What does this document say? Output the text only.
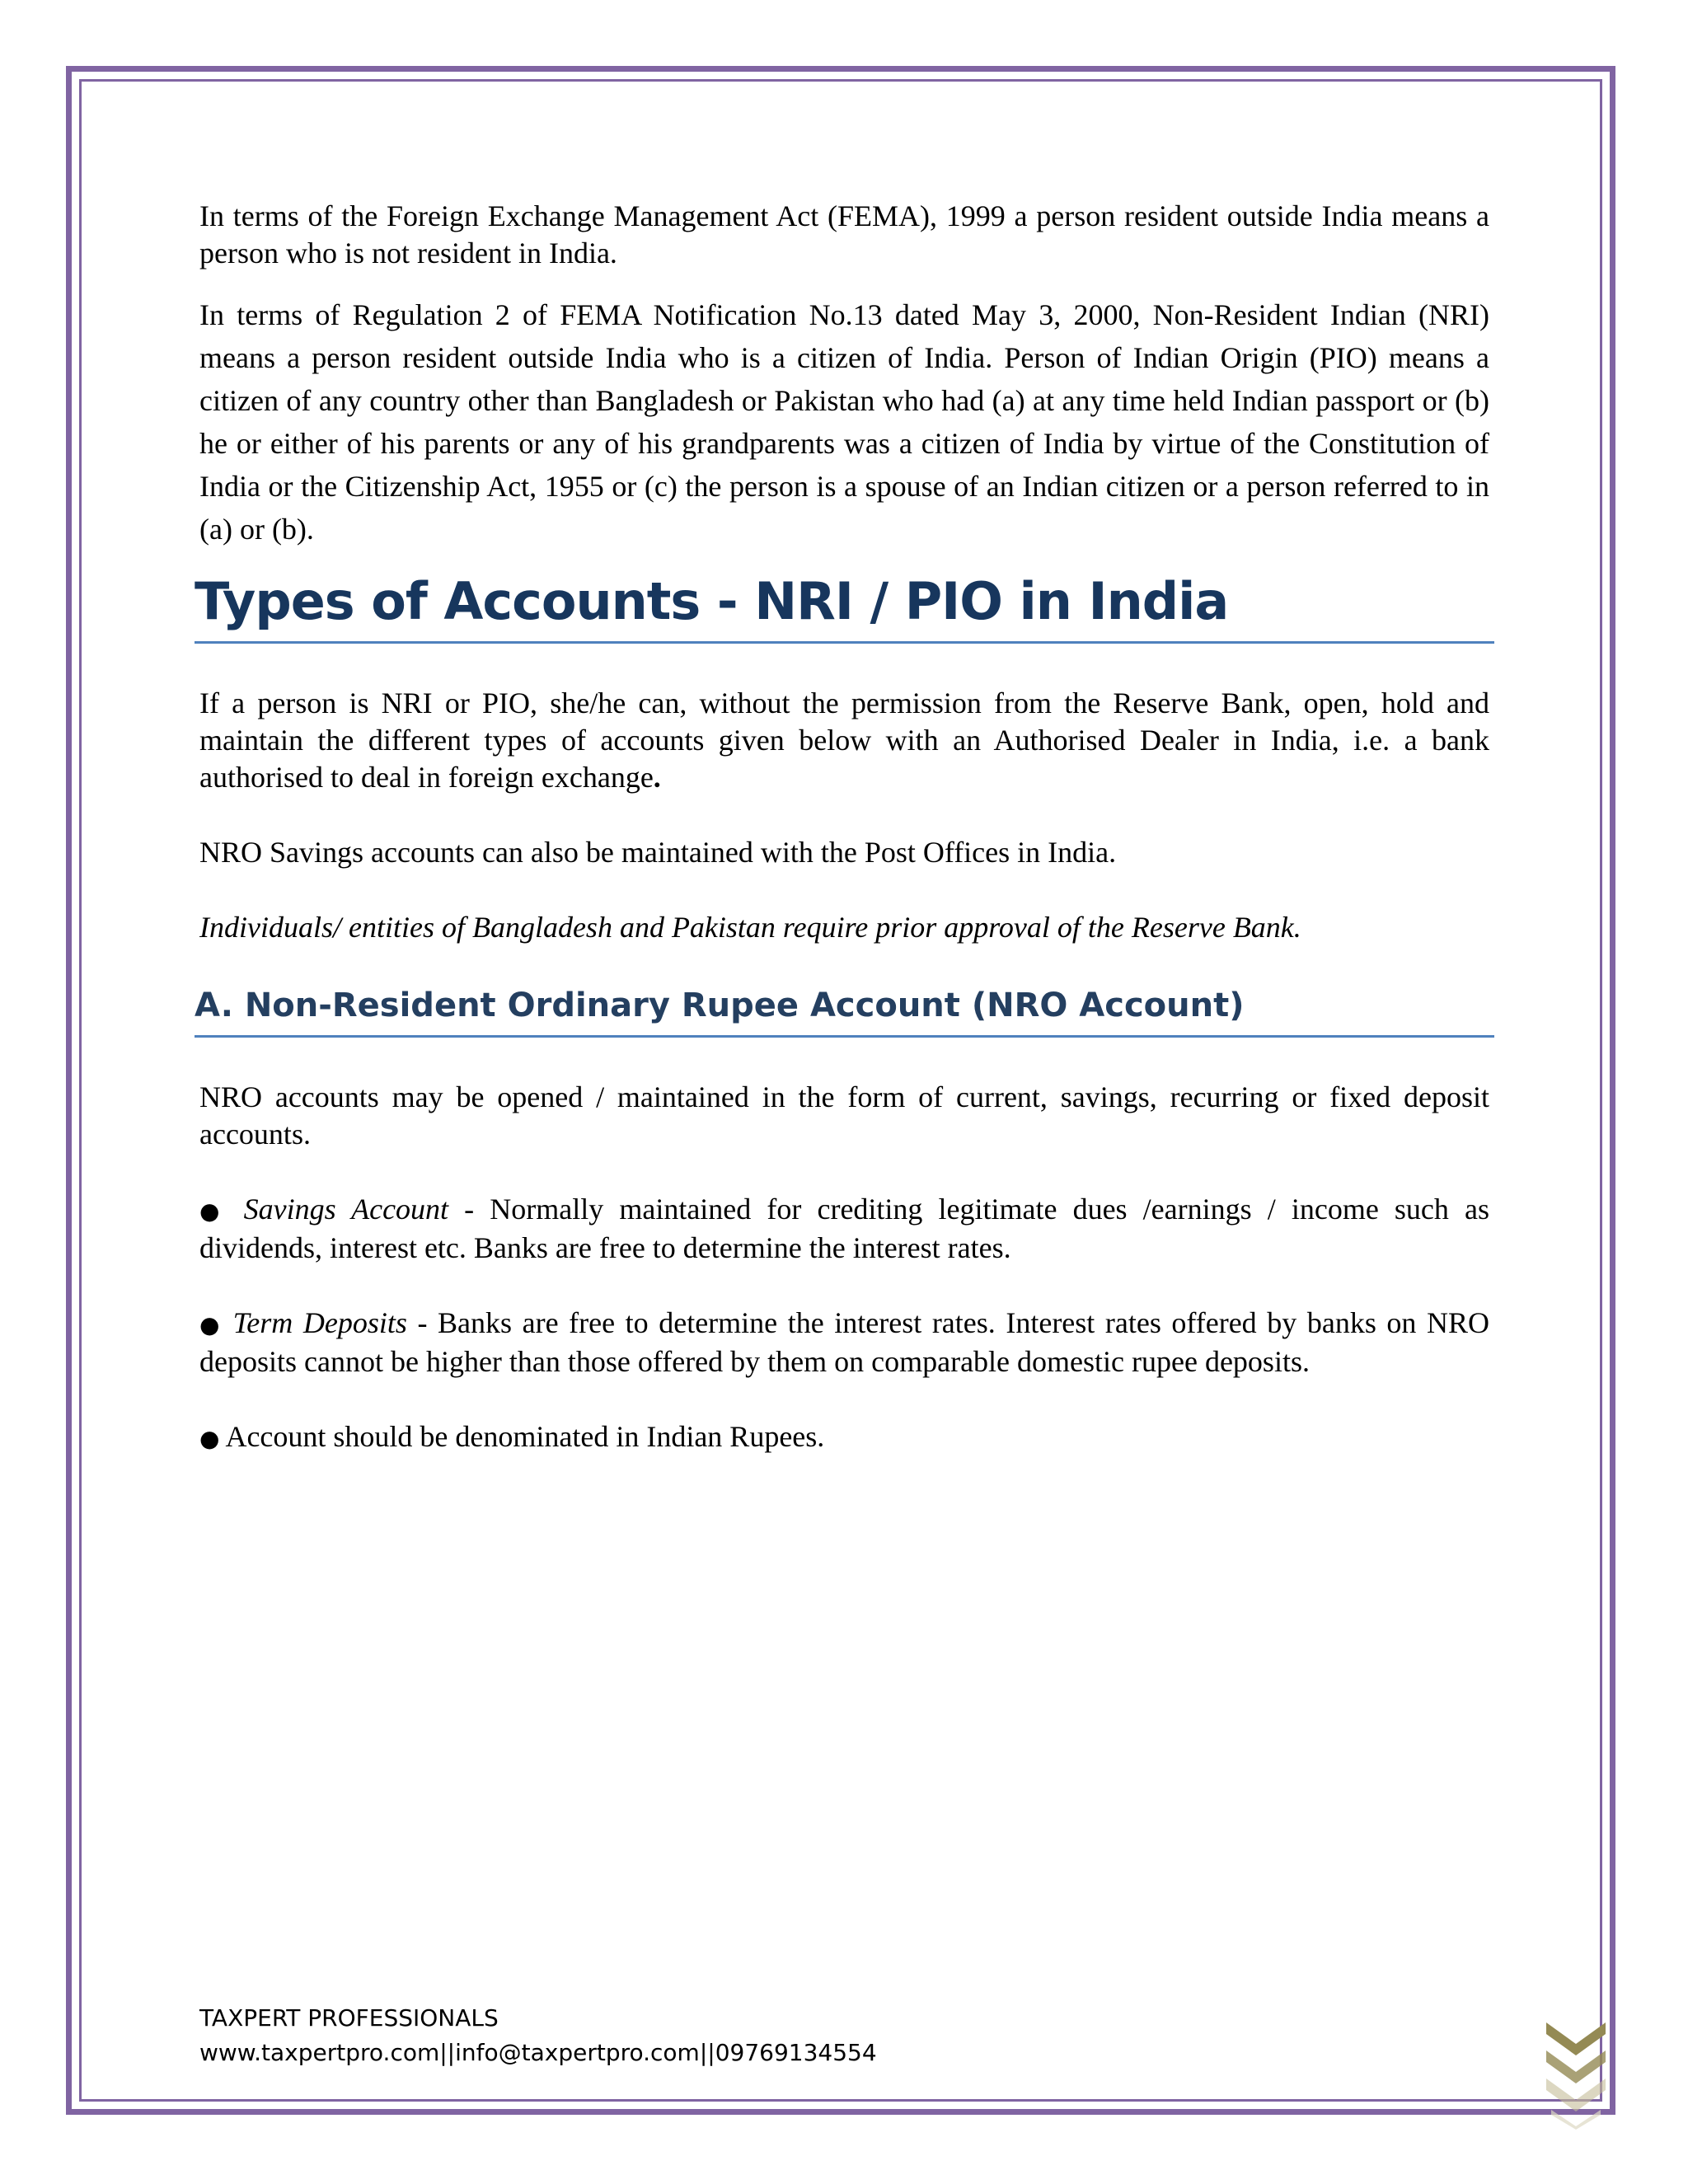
In terms of the Foreign Exchange Management Act (FEMA), 1999 a person resident outside India means a person who is not resident in India.

In terms of Regulation 2 of FEMA Notification No.13 dated May 3, 2000, Non-Resident Indian (NRI) means a person resident outside India who is a citizen of India. Person of Indian Origin (PIO) means a citizen of any country other than Bangladesh or Pakistan who had (a) at any time held Indian passport or (b) he or either of his parents or any of his grandparents was a citizen of India by virtue of the Constitution of India or the Citizenship Act, 1955 or (c) the person is a spouse of an Indian citizen or a person referred to in (a) or (b).

Types of Accounts - NRI / PIO in India

If a person is NRI or PIO, she/he can, without the permission from the Reserve Bank, open, hold and maintain the different types of accounts given below with an Authorised Dealer in India, i.e. a bank authorised to deal in foreign exchange.

NRO Savings accounts can also be maintained with the Post Offices in India.

Individuals/ entities of Bangladesh and Pakistan require prior approval of the Reserve Bank.

A. Non-Resident Ordinary Rupee Account (NRO Account)

NRO accounts may be opened / maintained in the form of current, savings, recurring or fixed deposit accounts.

● Savings Account - Normally maintained for crediting legitimate dues /earnings / income such as dividends, interest etc. Banks are free to determine the interest rates.

● Term Deposits - Banks are free to determine the interest rates. Interest rates offered by banks on NRO deposits cannot be higher than those offered by them on comparable domestic rupee deposits.

● Account should be denominated in Indian Rupees.

TAXPERT PROFESSIONALS
www.taxpertpro.com||info@taxpertpro.com||09769134554
